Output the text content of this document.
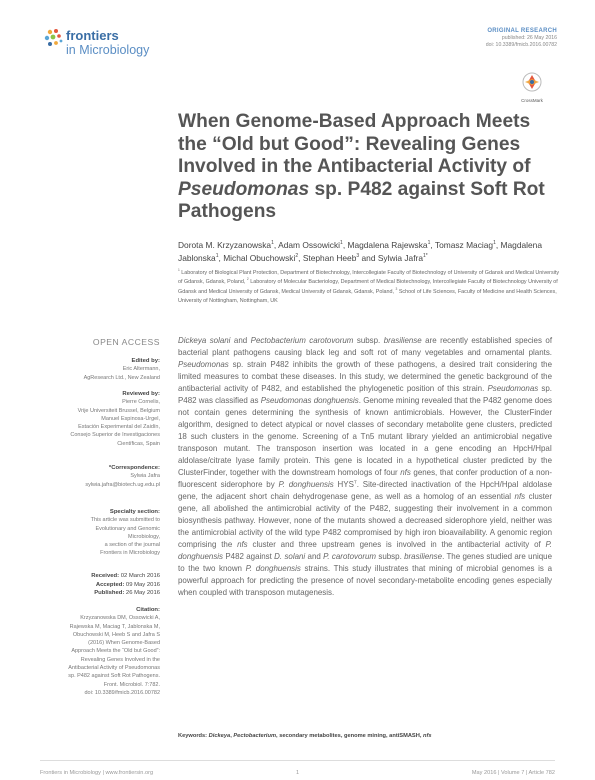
frontiers
in Microbiology
ORIGINAL RESEARCH
published: 26 May 2016
doi: 10.3389/fmicb.2016.00782
CrossMark
When Genome-Based Approach Meets the “Old but Good”: Revealing Genes Involved in the Antibacterial Activity of Pseudomonas sp. P482 against Soft Rot Pathogens
Dorota M. Krzyzanowska$^1$, Adam Ossowicki$^1$, Magdalena Rajewska$^1$, Tomasz Maciag$^1$, Magdalena Jablonska$^1$, Michal Obuchowski$^2$, Stephan Heeb$^3$ and Sylwia Jafra$^{1*}$
$^1$ Laboratory of Biological Plant Protection, Department of Biotechnology, Intercollegiate Faculty of Biotechnology of University of Gdansk and Medical University of Gdansk, Gdansk, Poland, $^2$ Laboratory of Molecular Bacteriology, Department of Medical Biotechnology, Intercollegiate Faculty of Biotechnology University of Gdansk and Medical University of Gdansk, Medical University of Gdansk, Gdansk, Poland, $^3$ School of Life Sciences, Faculty of Medicine and Health Sciences, University of Nottingham, Nottingham, UK
OPEN ACCESS
Edited by:
Eric Altermann,
AgResearch Ltd., New Zealand
Reviewed by:
Pierre Cornelis,
Vrije Universiteit Brussel, Belgium
Manuel Espinosa-Urgel,
Estación Experimental del Zaidín,
Consejo Superior de Investigaciones
Científicas, Spain
*Correspondence:
Sylwia Jafra
sylwia.jafra@biotech.ug.edu.pl
Specialty section:
This article was submitted to
Evolutionary and Genomic
Microbiology,
a section of the journal
Frontiers in Microbiology
Received: 02 March 2016
Accepted: 09 May 2016
Published: 26 May 2016
Citation:
Krzyzanowska DM, Ossowicki A,
Rajewska M, Maciag T, Jablonska M,
Obuchowski M, Heeb S and Jafra S
(2016) When Genome-Based
Approach Meets the “Old but Good”:
Revealing Genes Involved in the
Antibacterial Activity of Pseudomonas
sp. P482 against Soft Rot Pathogens.
Front. Microbiol. 7:782.
doi: 10.3389/fmicb.2016.00782
Dickeya solani and Pectobacterium carotovorum subsp. brasiliense are recently established species of bacterial plant pathogens causing black leg and soft rot of many vegetables and ornamental plants. Pseudomonas sp. strain P482 inhibits the growth of these pathogens, a desired trait considering the limited measures to combat these diseases. In this study, we determined the genetic background of the antibacterial activity of P482, and established the phylogenetic position of this strain. Pseudomonas sp. P482 was classified as Pseudomonas donghuensis. Genome mining revealed that the P482 genome does not contain genes determining the synthesis of known antimicrobials. However, the ClusterFinder algorithm, designed to detect atypical or novel classes of secondary metabolite gene clusters, predicted 18 such clusters in the genome. Screening of a Tn5 mutant library yielded an antimicrobial negative transposon mutant. The transposon insertion was located in a gene encoding an HpcH/HpaI aldolase/citrate lyase family protein. This gene is located in a hypothetical cluster predicted by the ClusterFinder, together with the downstream homologs of four nfs genes, that confer production of a non-fluorescent siderophore by P. donghuensis $HYS^T$. Site-directed inactivation of the HpcH/HpaI aldolase gene, the adjacent short chain dehydrogenase gene, as well as a homolog of an essential nfs cluster gene, all abolished the antimicrobial activity of the P482, suggesting their involvement in a common biosynthesis pathway. However, none of the mutants showed a decreased siderophore yield, neither was the antimicrobial activity of the wild type P482 compromised by high iron bioavailability. A genomic region comprising the nfs cluster and three upstream genes is involved in the antibacterial activity of P. donghuensis P482 against D. solani and P. carotovorum subsp. brasiliense. The genes studied are unique to the two known P. donghuensis strains. This study illustrates that mining of microbial genomes is a powerful approach for predicting the presence of novel secondary-metabolite encoding genes especially when coupled with transposon mutagenesis.
Keywords: Dickeya, Pectobacterium, secondary metabolites, genome mining, antiSMASH, nfs
Frontiers in Microbiology | www.frontiersin.org	1	May 2016 | Volume 7 | Article 782
